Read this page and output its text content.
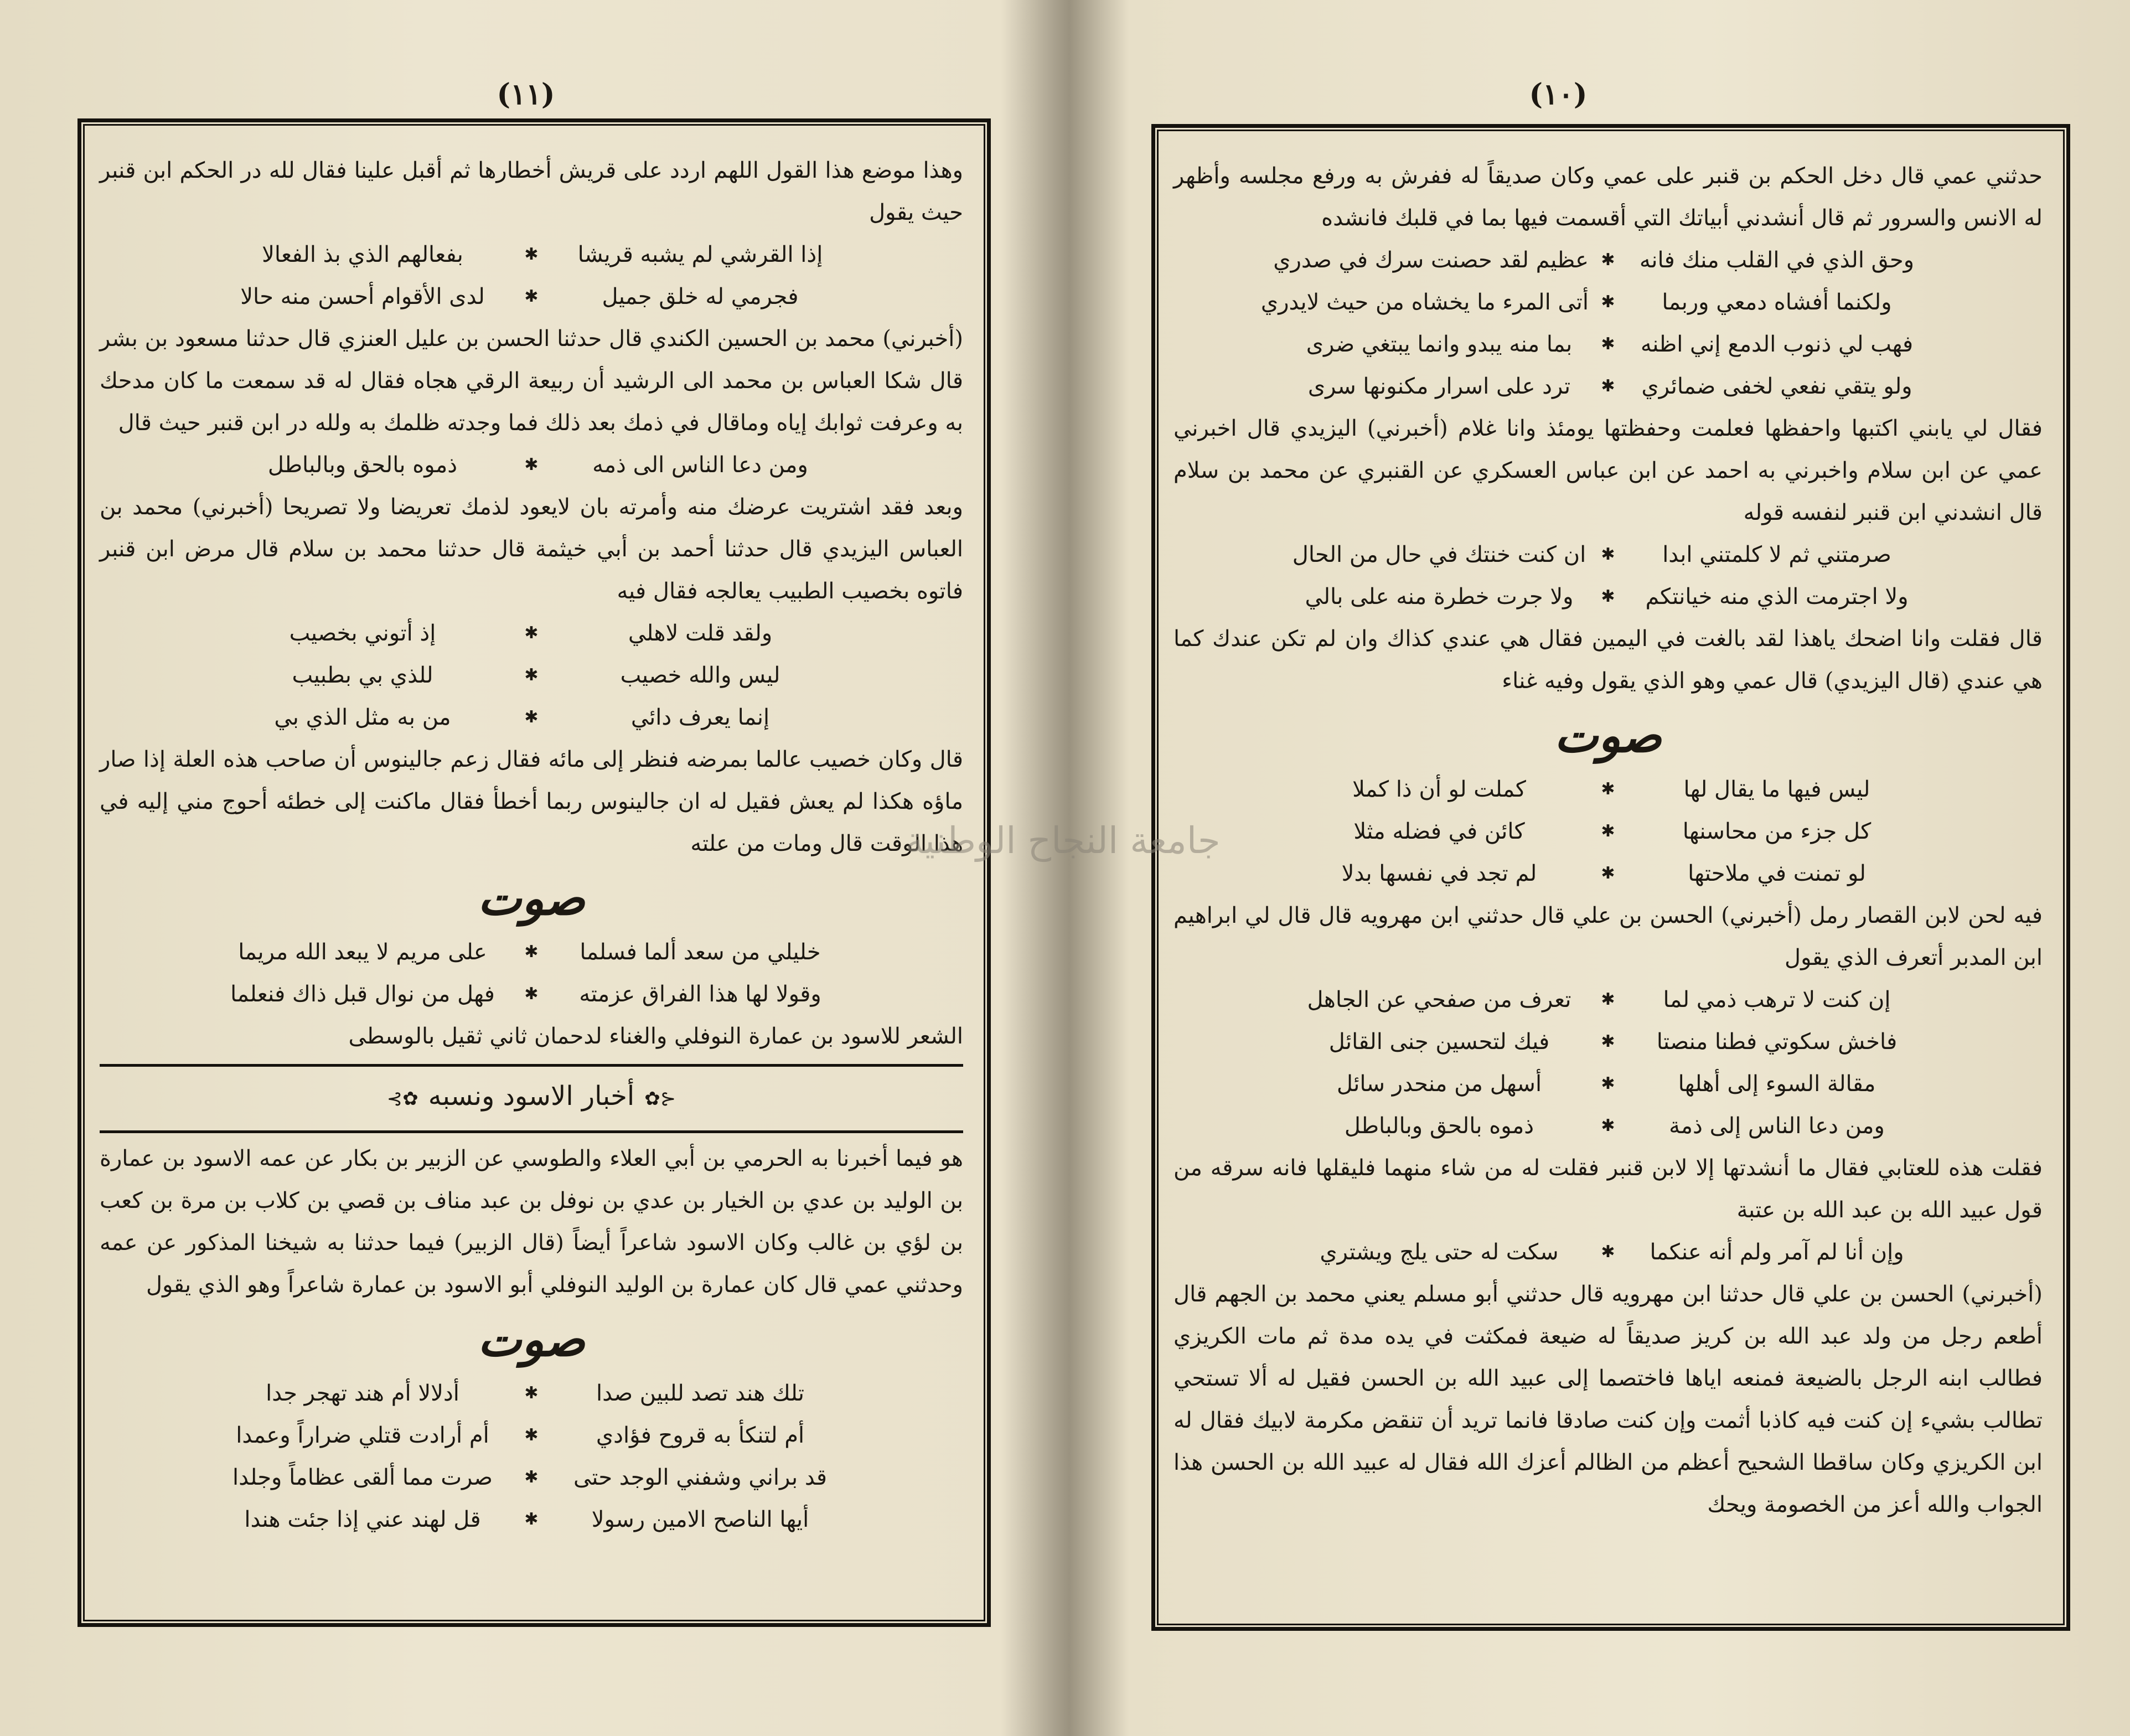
(١١)

وهذا موضع هذا القول اللهم اردد على قريش أخطارها ثم أقبل علينا فقال لله در الحكم ابن قنبر حيث يقول

إذا القرشي لم يشبه قريشا
✱
بفعالهم الذي بذ الفعالا
فجرمي له خلق جميل
✱
لدى الأقوام أحسن منه حالا

(أخبرني) محمد بن الحسين الكندي قال حدثنا الحسن بن عليل العنزي قال حدثنا مسعود بن بشر قال شكا العباس بن محمد الى الرشيد أن ربيعة الرقي هجاه فقال له قد سمعت ما كان مدحك به وعرفت ثوابك إياه وماقال في ذمك بعد ذلك فما وجدته ظلمك به ولله در ابن قنبر حيث قال

ومن دعا الناس الى ذمه
✱
ذموه بالحق وبالباطل

وبعد فقد اشتريت عرضك منه وأمرته بان لايعود لذمك تعريضا ولا تصريحا (أخبرني) محمد بن العباس اليزيدي قال حدثنا أحمد بن أبي خيثمة قال حدثنا محمد بن سلام قال مرض ابن قنبر فاتوه بخصيب الطبيب يعالجه فقال فيه

ولقد قلت لاهلي
✱
إذ أتوني بخصيب
ليس والله خصيب
✱
للذي بي بطبيب
إنما يعرف دائي
✱
من به مثل الذي بي

قال وكان خصيب عالما بمرضه فنظر إلى مائه فقال زعم جالينوس أن صاحب هذه العلة إذا صار ماؤه هكذا لم يعش فقيل له ان جالينوس ربما أخطأ فقال ماكنت إلى خطئه أحوج مني إليه في هذا الوقت قال ومات من علته

صوت
خليلي من سعد ألما فسلما
✱
على مريم لا يبعد الله مريما
وقولا لها هذا الفراق عزمته
✱
فهل من نوال قبل ذاك فنعلما

الشعر للاسود بن عمارة النوفلي والغناء لدحمان ثاني ثقيل بالوسطى

⊰✿أخبار الاسود ونسبه✿⊱

هو فيما أخبرنا به الحرمي بن أبي العلاء والطوسي عن الزبير بن بكار عن عمه الاسود بن عمارة بن الوليد بن عدي بن الخيار بن عدي بن نوفل بن عبد مناف بن قصي بن كلاب بن مرة بن كعب بن لؤي بن غالب وكان الاسود شاعراً أيضاً (قال الزبير) فيما حدثنا به شيخنا المذكور عن عمه وحدثني عمي قال كان عمارة بن الوليد النوفلي أبو الاسود بن عمارة شاعراً وهو الذي يقول

صوت
تلك هند تصد للبين صدا
✱
أدلالا أم هند تهجر جدا
أم لتنكأ به قروح فؤادي
✱
أم أرادت قتلي ضراراً وعمدا
قد براني وشفني الوجد حتى
✱
صرت مما ألقى عظاماً وجلدا
أيها الناصح الامين رسولا
✱
قل لهند عني إذا جئت هندا
(١٠)

حدثني عمي قال دخل الحكم بن قنبر على عمي وكان صديقاً له ففرش به ورفع مجلسه وأظهر له الانس والسرور ثم قال أنشدني أبياتك التي أقسمت فيها بما في قلبك فانشده

وحق الذي في القلب منك فانه
✱
عظيم لقد حصنت سرك في صدري
ولكنما أفشاه دمعي وربما
✱
أتى المرء ما يخشاه من حيث لايدري
فهب لي ذنوب الدمع إني اظنه
✱
بما منه يبدو وانما يبتغي ضرى
ولو يتقي نفعي لخفى ضمائري
✱
ترد على اسرار مكنونها سرى

فقال لي يابني اكتبها واحفظها فعلمت وحفظتها يومئذ وانا غلام (أخبرني) اليزيدي قال اخبرني عمي عن ابن سلام واخبرني به احمد عن ابن عباس العسكري عن القنبري عن محمد بن سلام قال انشدني ابن قنبر لنفسه قوله

صرمتني ثم لا كلمتني ابدا
✱
ان كنت خنتك في حال من الحال
ولا اجترمت الذي منه خيانتكم
✱
ولا جرت خطرة منه على بالي

قال فقلت وانا اضحك ياهذا لقد بالغت في اليمين فقال هي عندي كذاك وان لم تكن عندك كما هي عندي (قال اليزيدي) قال عمي وهو الذي يقول وفيه غناء

صوت
ليس فيها ما يقال لها
✱
كملت لو أن ذا كملا
كل جزء من محاسنها
✱
كائن في فضله مثلا
لو تمنت في ملاحتها
✱
لم تجد في نفسها بدلا

فيه لحن لابن القصار رمل (أخبرني) الحسن بن علي قال حدثني ابن مهرويه قال قال لي ابراهيم ابن المدبر أتعرف الذي يقول

إن كنت لا ترهب ذمي لما
✱
تعرف من صفحي عن الجاهل
فاخش سكوتي فطنا منصتا
✱
فيك لتحسين جنى القائل
مقالة السوء إلى أهلها
✱
أسهل من منحدر سائل
ومن دعا الناس إلى ذمة
✱
ذموه بالحق وبالباطل

فقلت هذه للعتابي فقال ما أنشدتها إلا لابن قنبر فقلت له من شاء منهما فليقلها فانه سرقه من قول عبيد الله بن عبد الله بن عتبة

وإن أنا لم آمر ولم أنه عنكما
✱
سكت له حتى يلج ويشتري

(أخبرني) الحسن بن علي قال حدثنا ابن مهرويه قال حدثني أبو مسلم يعني محمد بن الجهم قال أطعم رجل من ولد عبد الله بن كريز صديقاً له ضيعة فمكثت في يده مدة ثم مات الكريزي فطالب ابنه الرجل بالضيعة فمنعه اياها فاختصما إلى عبيد الله بن الحسن فقيل له ألا تستحي تطالب بشيء إن كنت فيه كاذبا أثمت وإن كنت صادقا فانما تريد أن تنقض مكرمة لابيك فقال له ابن الكريزي وكان ساقطا الشحيح أعظم من الظالم أعزك الله فقال له عبيد الله بن الحسن هذا الجواب والله أعز من الخصومة ويحك

جامعة النجاح الوطنية
